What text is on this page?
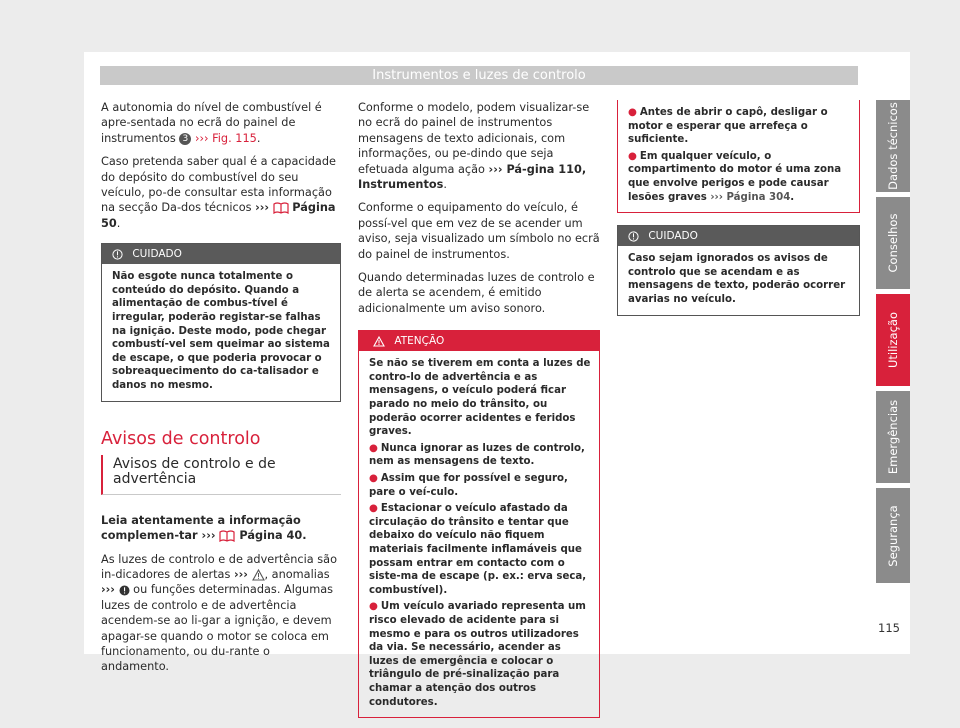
Instrumentos e luzes de controlo

A autonomia do nível de combustível é apre-sentada no ecrã do painel de instrumentos 3 ››› Fig. 115.

Caso pretenda saber qual é a capacidade do depósito do combustível do seu veículo, po-de consultar esta informação na secção Da-dos técnicos ››› Página 50.

CUIDADO
Não esgote nunca totalmente o conteúdo do depósito. Quando a alimentação de combus-tível é irregular, poderão registar-se falhas na ignição. Deste modo, pode chegar combustí-vel sem queimar ao sistema de escape, o que poderia provocar o sobreaquecimento do ca-talisador e danos no mesmo.
Avisos de controlo
Avisos de controlo e de advertência

Leia atentamente a informação complemen-tar ››› Página 40.

As luzes de controlo e de advertência são in-dicadores de alertas ››› , anomalias ››› ou funções determinadas. Algumas luzes de controlo e de advertência acendem-se ao li-gar a ignição, e devem apagar-se quando o motor se coloca em funcionamento, ou du-rante o andamento.

Conforme o modelo, podem visualizar-se no ecrã do painel de instrumentos mensagens de texto adicionais, com informações, ou pe-dindo que seja efetuada alguma ação ››› Pá-gina 110, Instrumentos.

Conforme o equipamento do veículo, é possí-vel que em vez de se acender um aviso, seja visualizado um símbolo no ecrã do painel de instrumentos.

Quando determinadas luzes de controlo e de alerta se acendem, é emitido adicionalmente um aviso sonoro.

ATENÇÃO

Se não se tiverem em conta a luzes de contro-lo de advertência e as mensagens, o veículo poderá ficar parado no meio do trânsito, ou poderão ocorrer acidentes e feridos graves.

● Nunca ignorar as luzes de controlo, nem as mensagens de texto.

● Assim que for possível e seguro, pare o veí-culo.

● Estacionar o veículo afastado da circulação do trânsito e tentar que debaixo do veículo não fiquem materiais facilmente inflamáveis que possam entrar em contacto com o siste-ma de escape (p. ex.: erva seca, combustível).

● Um veículo avariado representa um risco elevado de acidente para si mesmo e para os outros utilizadores da via. Se necessário, acender as luzes de emergência e colocar o triângulo de pré-sinalização para chamar a atenção dos outros condutores.

● Antes de abrir o capô, desligar o motor e esperar que arrefeça o suficiente.

● Em qualquer veículo, o compartimento do motor é uma zona que envolve perigos e pode causar lesões graves ››› Página 304.

CUIDADO
Caso sejam ignorados os avisos de controlo que se acendam e as mensagens de texto, poderão ocorrer avarias no veículo.
Dados técnicos
Conselhos
Utilização
Emergências
Segurança
115
